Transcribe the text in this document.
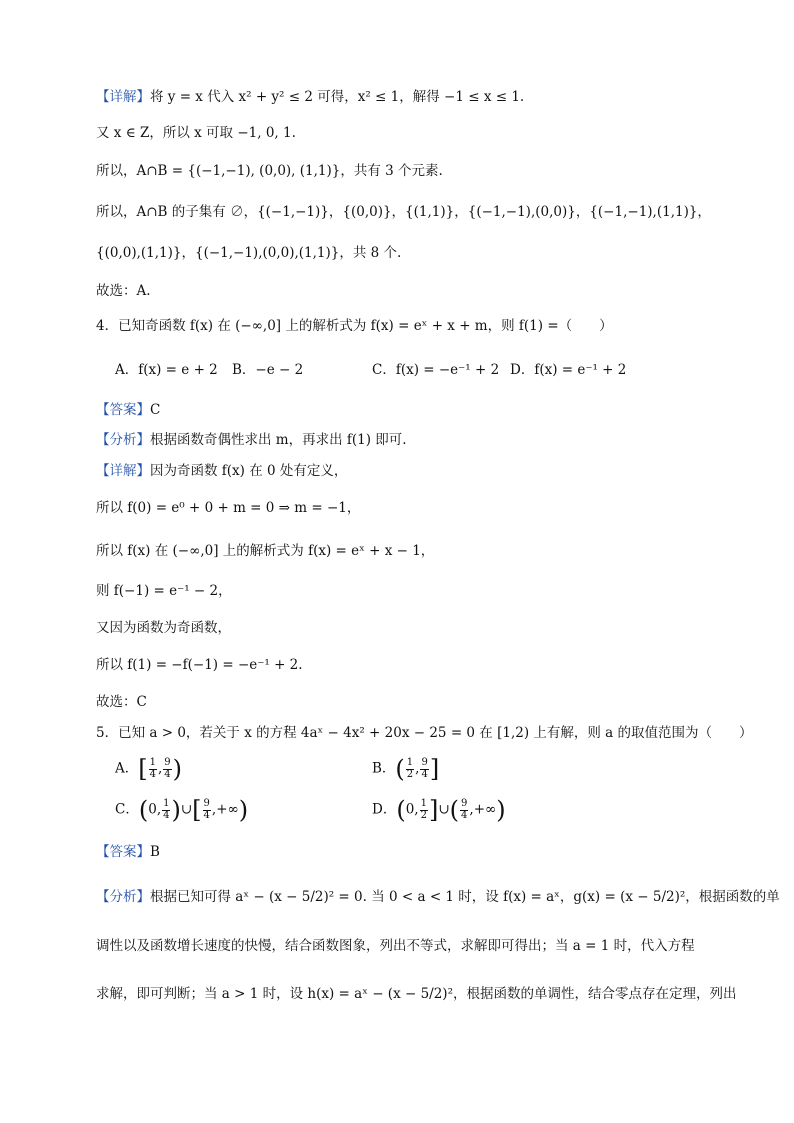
【详解】将 y = x 代入 x² + y² ≤ 2 可得，x² ≤ 1，解得 −1 ≤ x ≤ 1.
又 x ∈ Z，所以 x 可取 −1, 0, 1.
所以，A∩B = {(−1,−1), (0,0), (1,1)}，共有 3 个元素.
所以，A∩B 的子集有 ∅，{(−1,−1)}，{(0,0)}，{(1,1)}，{(−1,−1),(0,0)}，{(−1,−1),(1,1)}，
{(0,0),(1,1)}，{(−1,−1),(0,0),(1,1)}，共 8 个.
故选：A.
4．已知奇函数 f(x) 在 (−∞,0] 上的解析式为 f(x) = eˣ + x + m，则 f(1) =（　　）
A．f(x) = e + 2 B．−e − 2	C．f(x) = −e⁻¹ + 2 D．f(x) = e⁻¹ + 2
【答案】C
【分析】根据函数奇偶性求出 m，再求出 f(1) 即可.
【详解】因为奇函数 f(x) 在 0 处有定义，
所以 f(0) = e⁰ + 0 + m = 0 ⇒ m = −1，
所以 f(x) 在 (−∞,0] 上的解析式为 f(x) = eˣ + x − 1，
则 f(−1) = e⁻¹ − 2，
又因为函数为奇函数，
所以 f(1) = −f(−1) = −e⁻¹ + 2.
故选：C
5．已知 a > 0，若关于 x 的方程 4aˣ − 4x² + 20x − 25 = 0 在 [1,2) 上有解，则 a 的取值范围为（　　）
A．[ $\frac{1}{4}$ , $\frac{9}{4}$ )	B．( $\frac{1}{2}$ , $\frac{9}{4}$ ]
C．(0, $\frac{1}{4}$ )∪[ $\frac{9}{4}$ ,+∞)	D．(0, $\frac{1}{2}$ ]∪( $\frac{9}{4}$ ,+∞)
【答案】B
【分析】根据已知可得 aˣ − (x − 5/2)² = 0. 当 0 < a < 1 时，设 f(x) = aˣ，g(x) = (x − 5/2)²，根据函数的单
调性以及函数增长速度的快慢，结合函数图象，列出不等式，求解即可得出；当 a = 1 时，代入方程
求解，即可判断；当 a > 1 时，设 h(x) = aˣ − (x − 5/2)²，根据函数的单调性，结合零点存在定理，列出
